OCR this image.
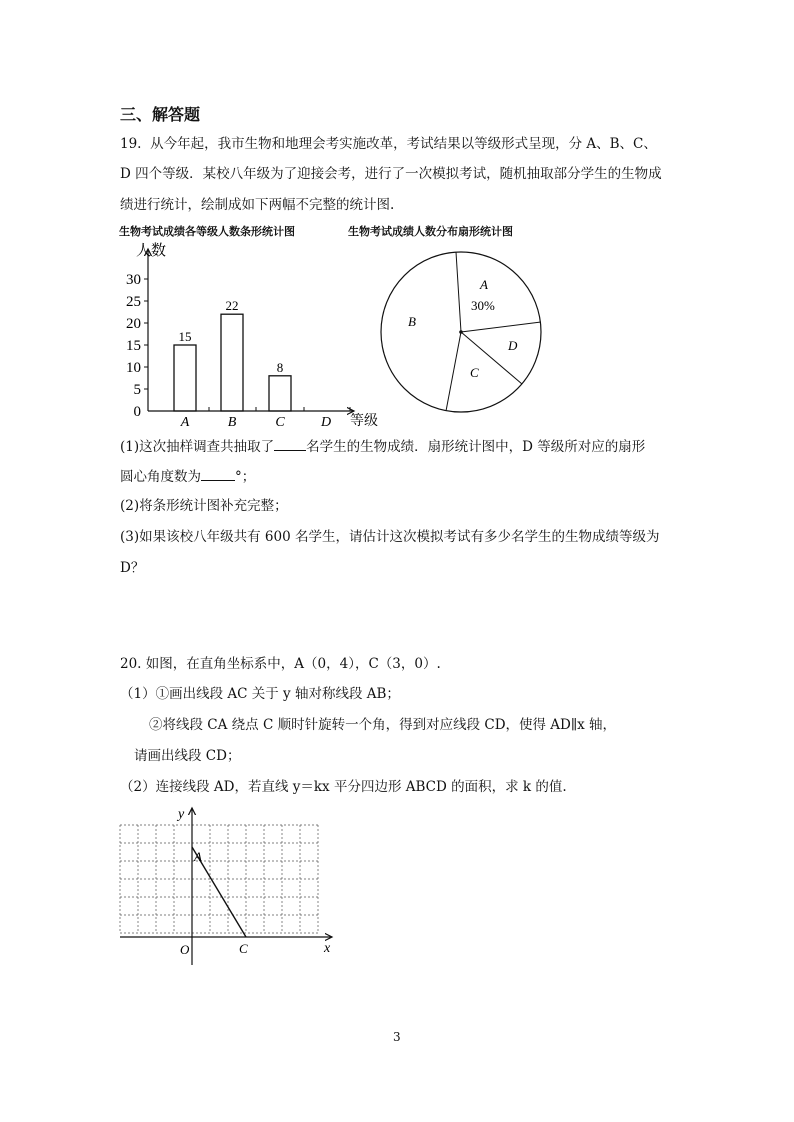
三、解答题
19. 从今年起，我市生物和地理会考实施改革，考试结果以等级形式呈现，分 A、B、C、
D 四个等级．某校八年级为了迎接会考，进行了一次模拟考试，随机抽取部分学生的生物成
绩进行统计，绘制成如下两幅不完整的统计图.
生物考试成绩各等级人数条形统计图	生物考试成绩人数分布扇形统计图
人数
等级
0
5
10
15
20
25
30
15
A
22
B
8
C	D
A
30%
D
C
B
(1)这次抽样调查共抽取了 名学生的生物成绩．扇形统计图中，D 等级所对应的扇形
圆心角度数为	°；
(2)将条形统计图补充完整；
(3)如果该校八年级共有 600 名学生，请估计这次模拟考试有多少名学生的生物成绩等级为
D？
20. 如图，在直角坐标系中，A（0，4），C（3，0）.
（1）①画出线段 AC 关于 y 轴对称线段 AB；
②将线段 CA 绕点 C 顺时针旋转一个角，得到对应线段 CD，使得 AD∥x 轴，
请画出线段 CD；
（2）连接线段 AD，若直线 y＝kx 平分四边形 ABCD 的面积，求 k 的值.
y
x
O
A
C
3
